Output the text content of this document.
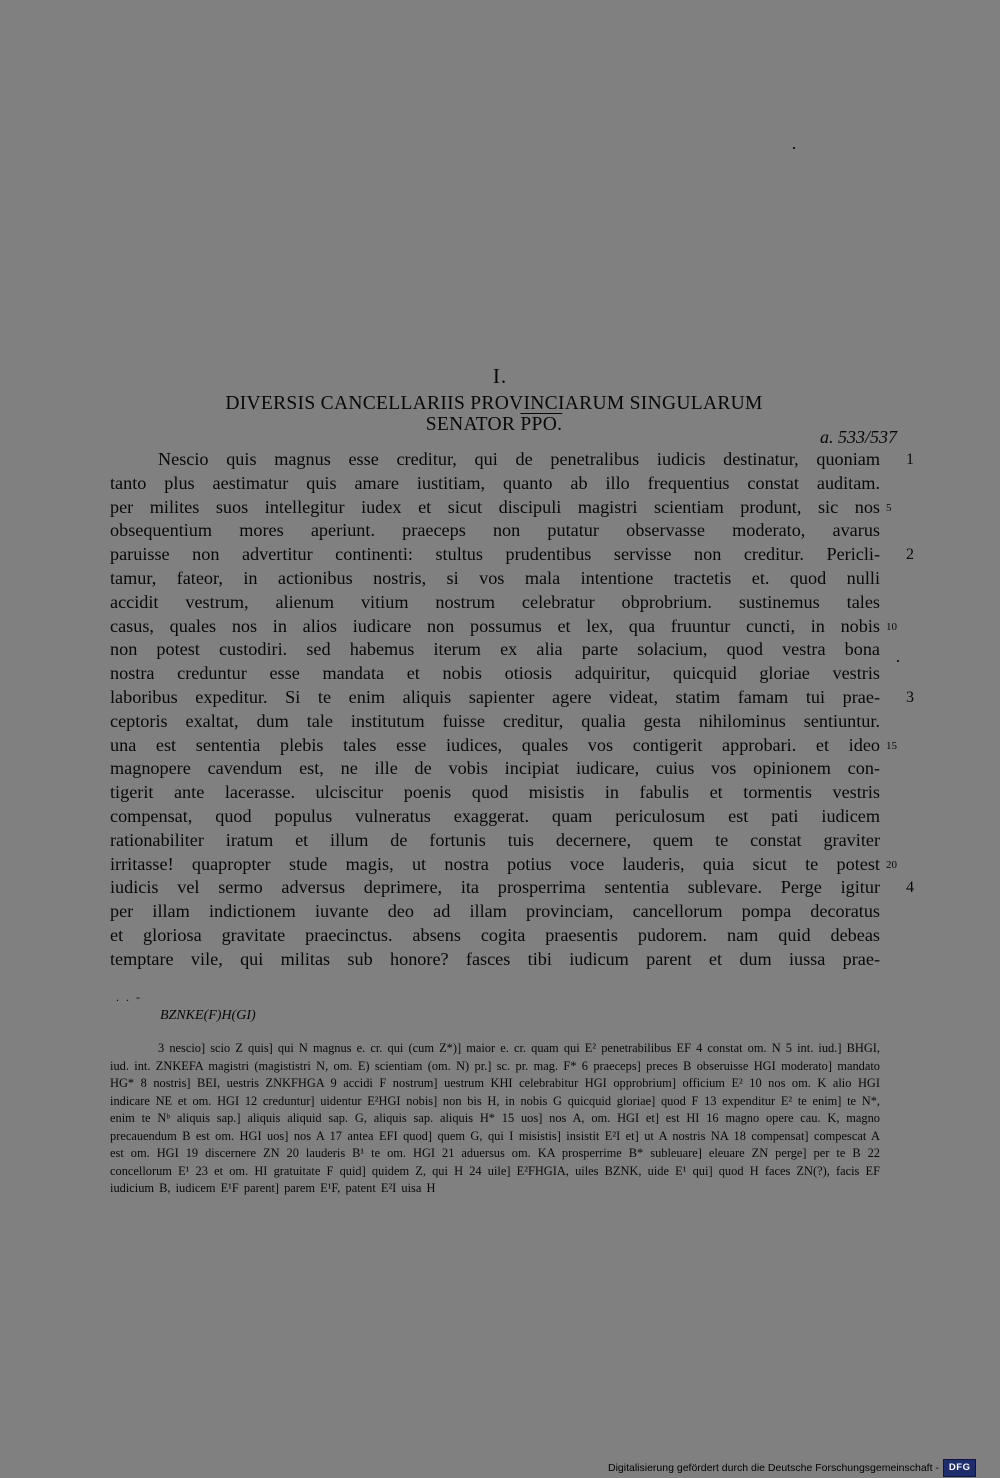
I.
DIVERSIS CANCELLARIIS PROVINCIARUM SINGULARUM
SENATOR PPO.
a. 533/537
Nescio quis magnus esse creditur, qui de penetralibus iudicis destinatur, quoniam
tanto plus aestimatur quis amare iustitiam, quanto ab illo frequentius constat auditam.
per milites suos intellegitur iudex et sicut discipuli magistri scientiam produnt, sic nos
obsequentium mores aperiunt. praeceps non putatur observasse moderato, avarus
paruisse non advertitur continenti: stultus prudentibus servisse non creditur. Pericli-
tamur, fateor, in actionibus nostris, si vos mala intentione tractetis et. quod nulli
accidit vestrum, alienum vitium nostrum celebratur obprobrium. sustinemus tales
casus, quales nos in alios iudicare non possumus et lex, qua fruuntur cuncti, in nobis
non potest custodiri. sed habemus iterum ex alia parte solacium, quod vestra bona
nostra creduntur esse mandata et nobis otiosis adquiritur, quicquid gloriae vestris
laboribus expeditur. Si te enim aliquis sapienter agere videat, statim famam tui prae-
ceptoris exaltat, dum tale institutum fuisse creditur, qualia gesta nihilominus sentiuntur.
una est sententia plebis tales esse iudices, quales vos contigerit approbari. et ideo
magnopere cavendum est, ne ille de vobis incipiat iudicare, cuius vos opinionem con-
tigerit ante lacerasse. ulciscitur poenis quod misistis in fabulis et tormentis vestris
compensat, quod populus vulneratus exaggerat. quam periculosum est pati iudicem
rationabiliter iratum et illum de fortunis tuis decernere, quem te constat graviter
irritasse! quapropter stude magis, ut nostra potius voce lauderis, quia sicut te potest
iudicis vel sermo adversus deprimere, ita prosperrima sententia sublevare. Perge igitur
per illam indictionem iuvante deo ad illam provinciam, cancellorum pompa decoratus
et gloriosa gravitate praecinctus. absens cogita praesentis pudorem. nam quid debeas
temptare vile, qui militas sub honore? fasces tibi iudicum parent et dum iussa prae-
1
5
2
10
3
15
20
4
. . -
BZNKE(F)H(GI)
3 nescio] scio Z quis] qui N magnus e. cr. qui (cum Z*)] maior e. cr. quam qui E² penetrabilibus EF 4 constat om. N 5 int. iud.] BHGI, iud. int. ZNKEFA magistri (magististri N, om. E) scientiam (om. N) pr.] sc. pr. mag. F* 6 praeceps] preces B obseruisse HGI moderato] mandato HG* 8 nostris] BEI, uestris ZNKFHGA 9 accidi F nostrum] uestrum KHI celebrabitur HGI opprobrium] officium E² 10 nos om. K alio HGI indicare NE et om. HGI 12 creduntur] uidentur E²HGI nobis] non bis H, in nobis G quicquid gloriae] quod F 13 expenditur E² te enim] te N*, enim te Nᵇ aliquis sap.] aliquis aliquid sap. G, aliquis sap. aliquis H* 15 uos] nos A, om. HGI et] est HI 16 magno opere cau. K, magno precauendum B est om. HGI uos] nos A 17 antea EFI quod] quem G, qui I misistis] insistit E²I et] ut A nostris NA 18 compensat] compescat A est om. HGI 19 discernere ZN 20 lauderis B¹ te om. HGI 21 aduersus om. KA prosperrime B* subleuare] eleuare ZN perge] per te B 22 concellorum E¹ 23 et om. HI gratuitate F quid] quidem Z, qui H 24 uile] E²FHGIA, uiles BZNK, uide E¹ qui] quod H faces ZN(?), facis EF iudicium B, iudicem E¹F parent] parem E¹F, patent E²I uisa H
Digitalisierung gefördert durch die Deutsche Forschungsgemeinschaft -	DFG
